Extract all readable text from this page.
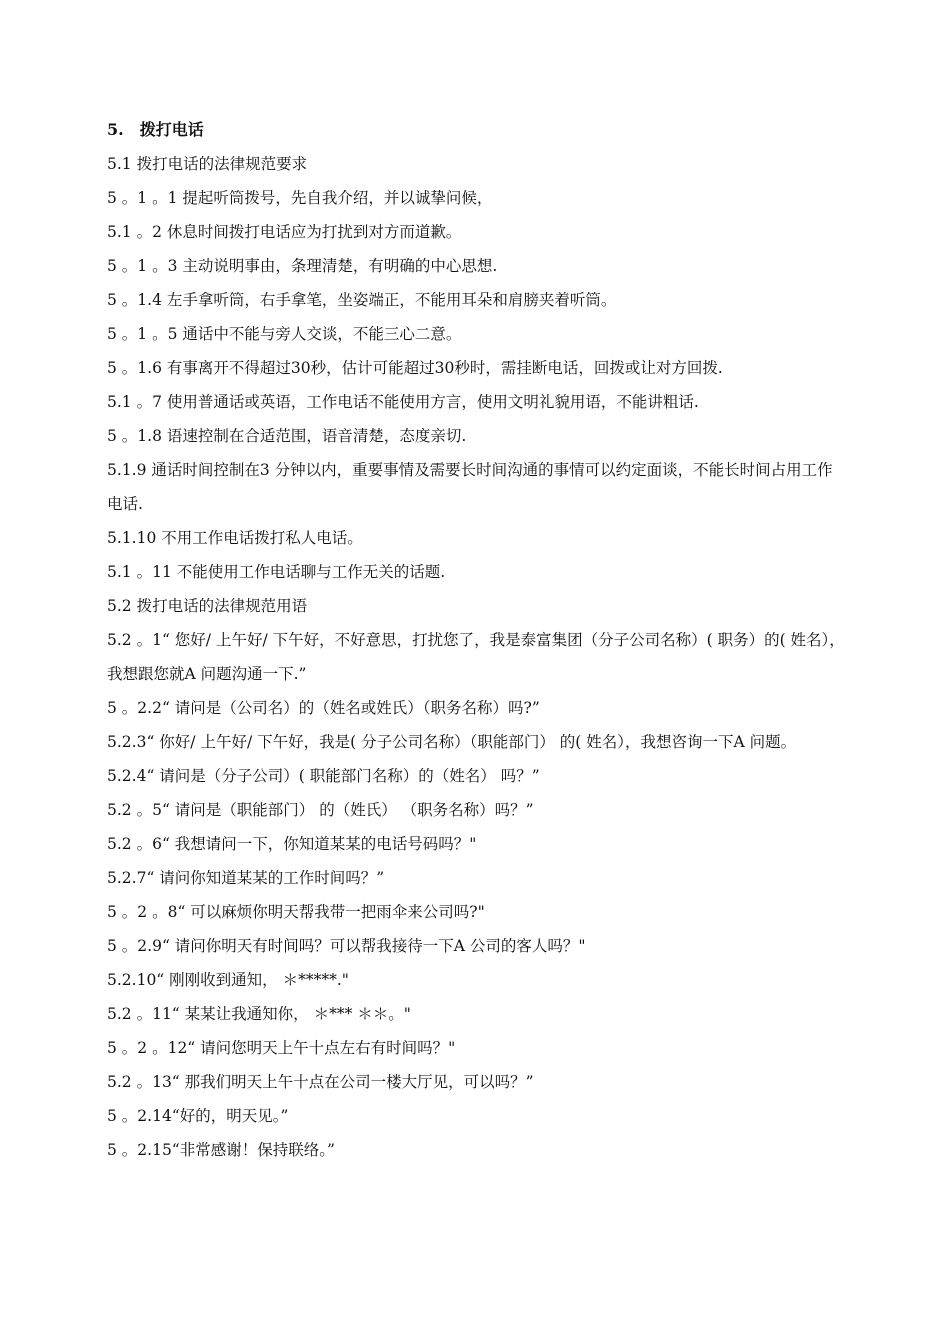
5.　拨打电话
5.1 拨打电话的法律规范要求
5 。1 。1 提起听筒拨号，先自我介绍，并以诚挚问候，
5.1 。2 休息时间拨打电话应为打扰到对方而道歉。
5 。1 。3 主动说明事由，条理清楚，有明确的中心思想.
5 。1.4 左手拿听筒，右手拿笔，坐姿端正，不能用耳朵和肩膀夹着听筒。
5 。1 。5 通话中不能与旁人交谈，不能三心二意。
5 。1.6 有事离开不得超过30秒，估计可能超过30秒时，需挂断电话，回拨或让对方回拨.
5.1 。7 使用普通话或英语，工作电话不能使用方言，使用文明礼貌用语，不能讲粗话.
5 。1.8 语速控制在合适范围，语音清楚，态度亲切.
5.1.9 通话时间控制在3 分钟以内，重要事情及需要长时间沟通的事情可以约定面谈，不能长时间占用工作电话.
5.1.10 不用工作电话拨打私人电话。
5.1 。11 不能使用工作电话聊与工作无关的话题.
5.2 拨打电话的法律规范用语
5.2 。1“ 您好/ 上午好/ 下午好，不好意思，打扰您了，我是泰富集团（分子公司名称）( 职务）的( 姓名），我想跟您就A 问题沟通一下.”
5 。2.2“ 请问是（公司名）的（姓名或姓氏）（职务名称）吗?”
5.2.3“ 你好/ 上午好/ 下午好，我是( 分子公司名称）（职能部门） 的( 姓名），我想咨询一下A 问题。
5.2.4“ 请问是（分子公司）( 职能部门名称）的（姓名） 吗？”
5.2 。5“ 请问是（职能部门） 的（姓氏） （职务名称）吗？”
5.2 。6“ 我想请问一下，你知道某某的电话号码吗？"
5.2.7“ 请问你知道某某的工作时间吗？”
5 。2 。8“ 可以麻烦你明天帮我带一把雨伞来公司吗?"
5 。2.9“ 请问你明天有时间吗？可以帮我接待一下A 公司的客人吗？"
5.2.10“ 刚刚收到通知， ＊*****."
5.2 。11“ 某某让我通知你， ＊*** ＊＊。"
5 。2 。12“ 请问您明天上午十点左右有时间吗？"
5.2 。13“ 那我们明天上午十点在公司一楼大厅见，可以吗？”
5 。2.14“好的，明天见。”
5 。2.15“非常感谢！保持联络。”
